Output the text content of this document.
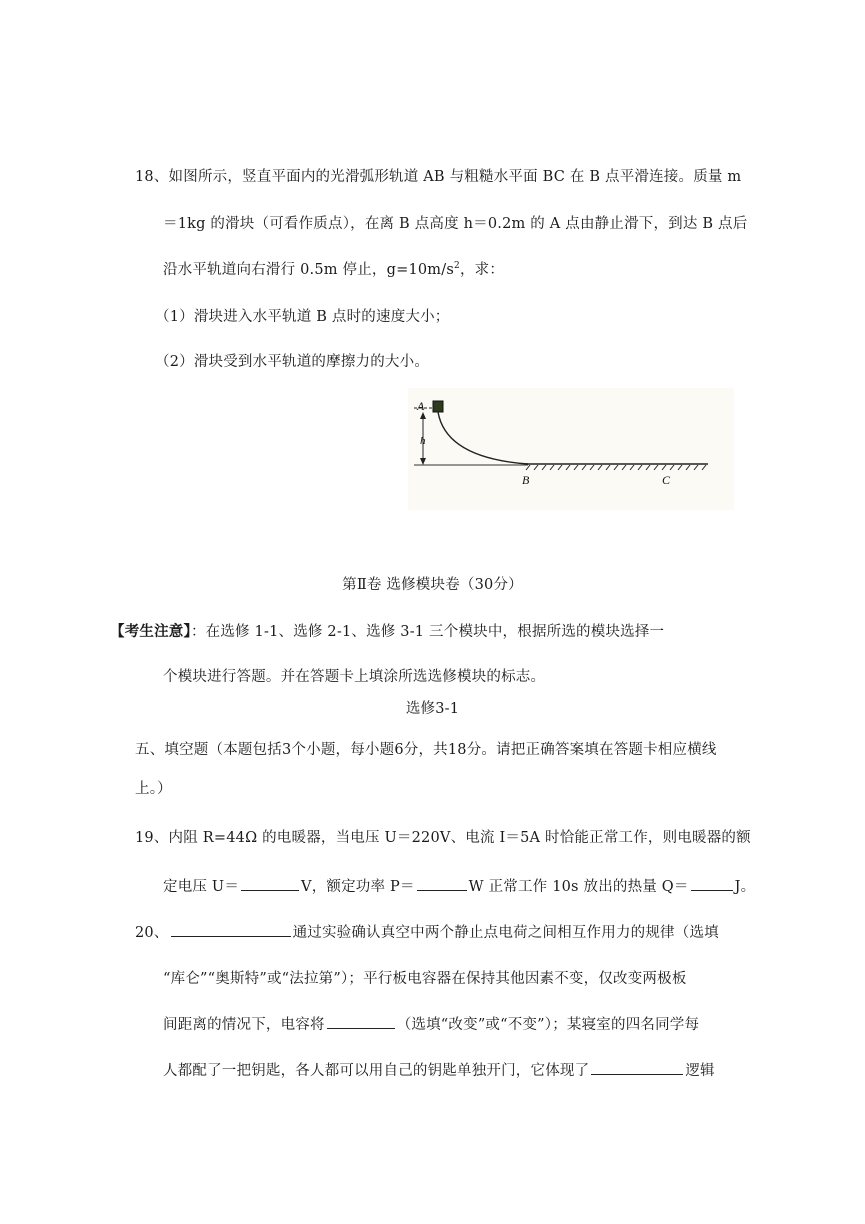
18、如图所示，竖直平面内的光滑弧形轨道 AB 与粗糙水平面 BC 在 B 点平滑连接。质量 m
＝1kg 的滑块（可看作质点），在离 B 点高度 h＝0.2m 的 A 点由静止滑下，到达 B 点后
沿水平轨道向右滑行 0.5m 停止，$g=10m/s^2$，求：
（1）滑块进入水平轨道 B 点时的速度大小；
（2）滑块受到水平轨道的摩擦力的大小。
A
h
B	C
第Ⅱ卷 选修模块卷（30分）
【考生注意】：在选修 1-1、选修 2-1、选修 3-1 三个模块中，根据所选的模块选择一
个模块进行答题。并在答题卡上填涂所选选修模块的标志。
选修3-1
五、填空题（本题包括3个小题，每小题6分，共18分。请把正确答案填在答题卡相应横线
上。）
19、内阻 R=44Ω 的电暖器，当电压 U＝220V、电流 I＝5A 时恰能正常工作，则电暖器的额
定电压 U＝	V，额定功率 P＝	W 正常工作 10s 放出的热量 Q＝	J。
20、	通过实验确认真空中两个静止点电荷之间相互作用力的规律（选填
“库仑”“奥斯特”或“法拉第”）；平行板电容器在保持其他因素不变，仅改变两极板
间距离的情况下，电容将	（选填“改变”或“不变”）；某寝室的四名同学每
人都配了一把钥匙，各人都可以用自己的钥匙单独开门，它体现了	逻辑
